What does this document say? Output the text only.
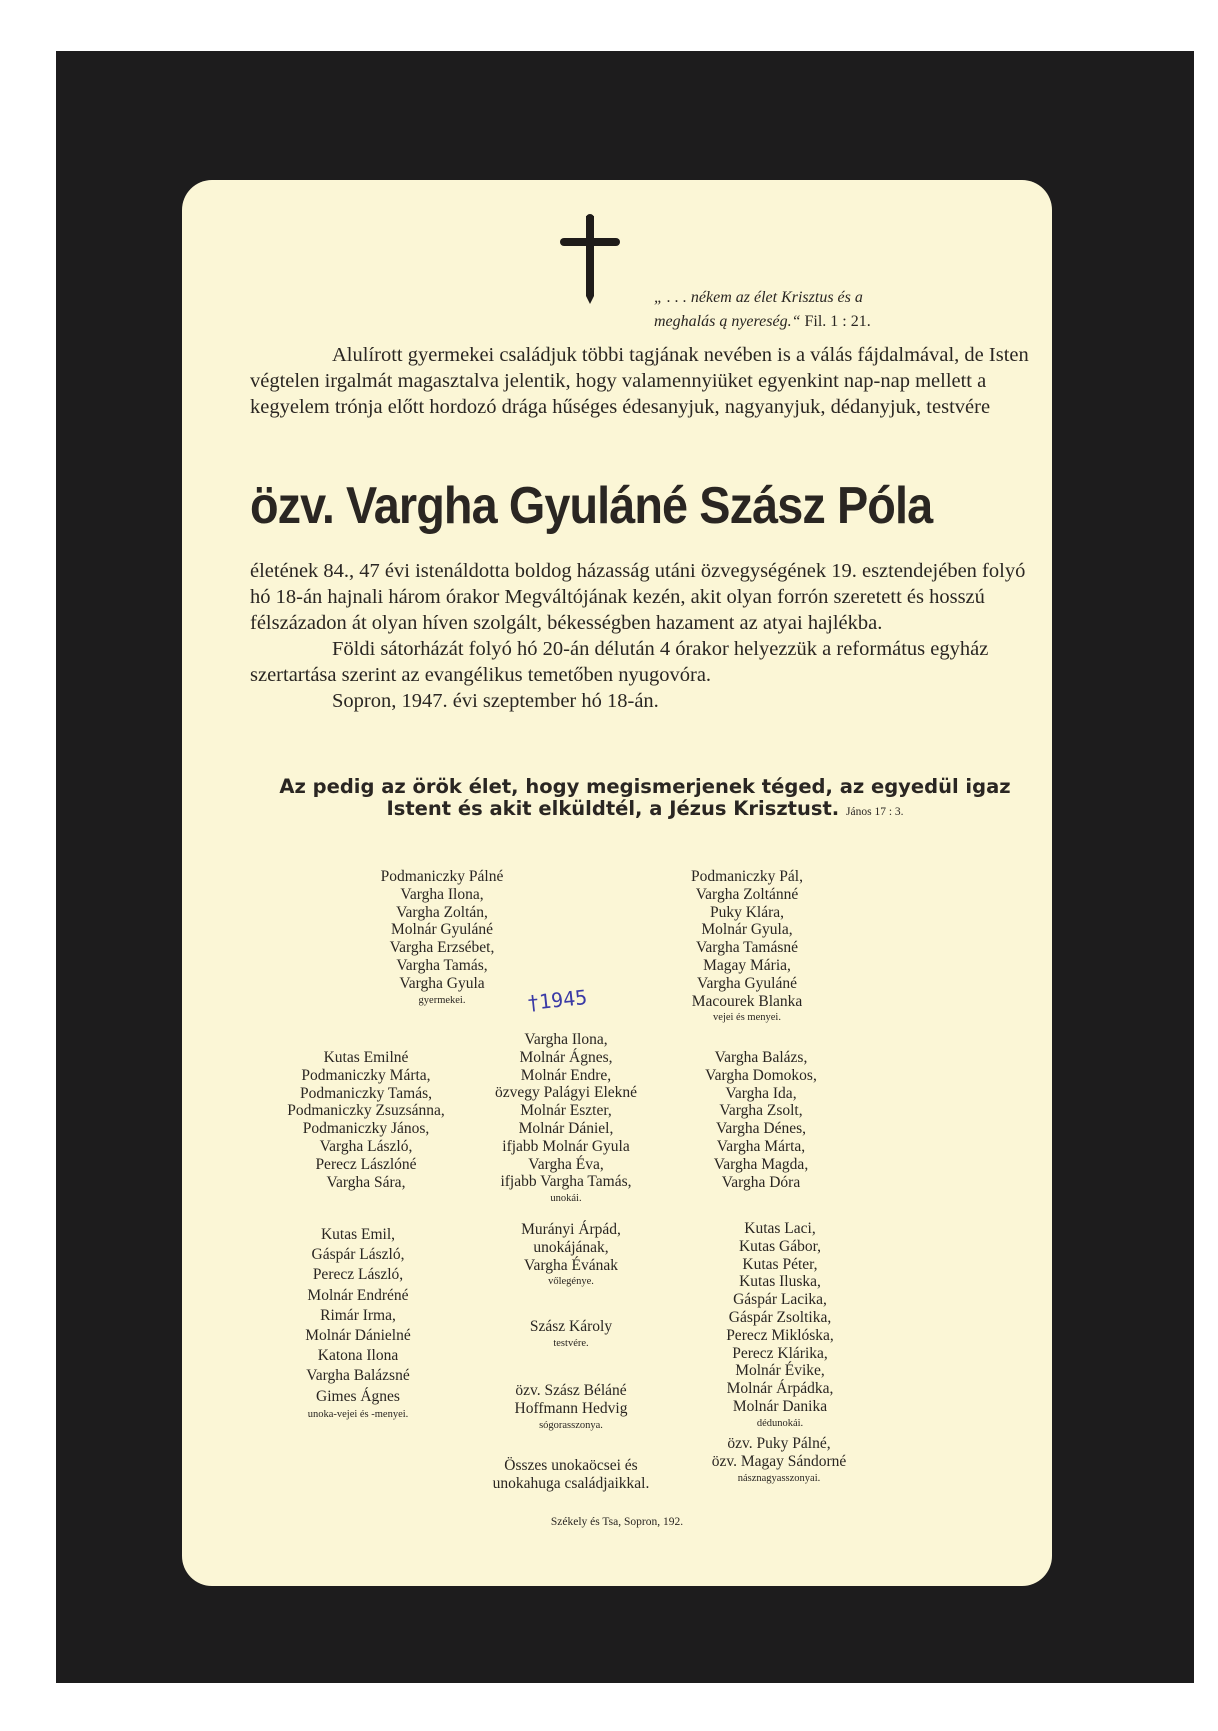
„ . . . nékem az élet Krisztus és a
meghalás ą nyereség.“ Fil. 1 : 21.

Alulírott gyermekei családjuk többi tagjának nevében is a válás fájdalmával, de Isten végtelen irgalmát magasztalva jelentik, hogy valamennyiüket egyenkint nap-nap mellett a kegyelem trónja előtt hordozó drága hűséges édesanyjuk, nagyanyjuk, dédanyjuk, testvére

özv. Vargha Gyuláné Szász Póla

életének 84., 47 évi istenáldotta boldog házasság utáni özvegységének 19. esztendejében folyó hó 18-án hajnali három órakor Megváltójának kezén, akit olyan forrón szeretett és hosszú félszázadon át olyan híven szolgált, békességben hazament az atyai hajlékba.

Földi sátorházát folyó hó 20-án délután 4 órakor helyezzük a református egyház szertartása szerint az evangélikus temetőben nyugovóra.

Sopron, 1947. évi szeptember hó 18-án.

Az pedig az örök élet, hogy megismerjenek téged, az egyedül igaz Istent és akit elküldtél, a Jézus Krisztust. János 17 : 3.
Podmaniczky Pálné
Vargha Ilona,
Vargha Zoltán,
Molnár Gyuláné
Vargha Erzsébet,
Vargha Tamás,
Vargha Gyula
gyermekei.	†1945
Podmaniczky Pál,
Vargha Zoltánné
Puky Klára,
Molnár Gyula,
Vargha Tamásné
Magay Mária,
Vargha Gyuláné
Macourek Blanka
vejei és menyei.
Kutas Emilné
Podmaniczky Márta,
Podmaniczky Tamás,
Podmaniczky Zsuzsánna,
Podmaniczky János,
Vargha László,
Perecz Lászlóné
Vargha Sára,
Vargha Ilona,
Molnár Ágnes,
Molnár Endre,
özvegy Palágyi Elekné
Molnár Eszter,
Molnár Dániel,
ifjabb Molnár Gyula
Vargha Éva,
ifjabb Vargha Tamás,
unokái.
Vargha Balázs,
Vargha Domokos,
Vargha Ida,
Vargha Zsolt,
Vargha Dénes,
Vargha Márta,
Vargha Magda,
Vargha Dóra
Kutas Emil,
Gáspár László,
Perecz László,
Molnár Endréné
Rimár Irma,
Molnár Dánielné
Katona Ilona
Vargha Balázsné
Gimes Ágnes
unoka-vejei és -menyei.
Murányi Árpád,
unokájának,
Vargha Évának
vőlegénye.
Szász Károly
testvére.
özv. Szász Béláné
Hoffmann Hedvig
sógorasszonya.
Összes unokaöcsei és
unokahuga családjaikkal.
Kutas Laci,
Kutas Gábor,
Kutas Péter,
Kutas Iluska,
Gáspár Lacika,
Gáspár Zsoltika,
Perecz Miklóska,
Perecz Klárika,
Molnár Évike,
Molnár Árpádka,
Molnár Danika
dédunokái.
özv. Puky Pálné,
özv. Magay Sándorné
násznagyasszonyai.
Székely és Tsa, Sopron, 192.
